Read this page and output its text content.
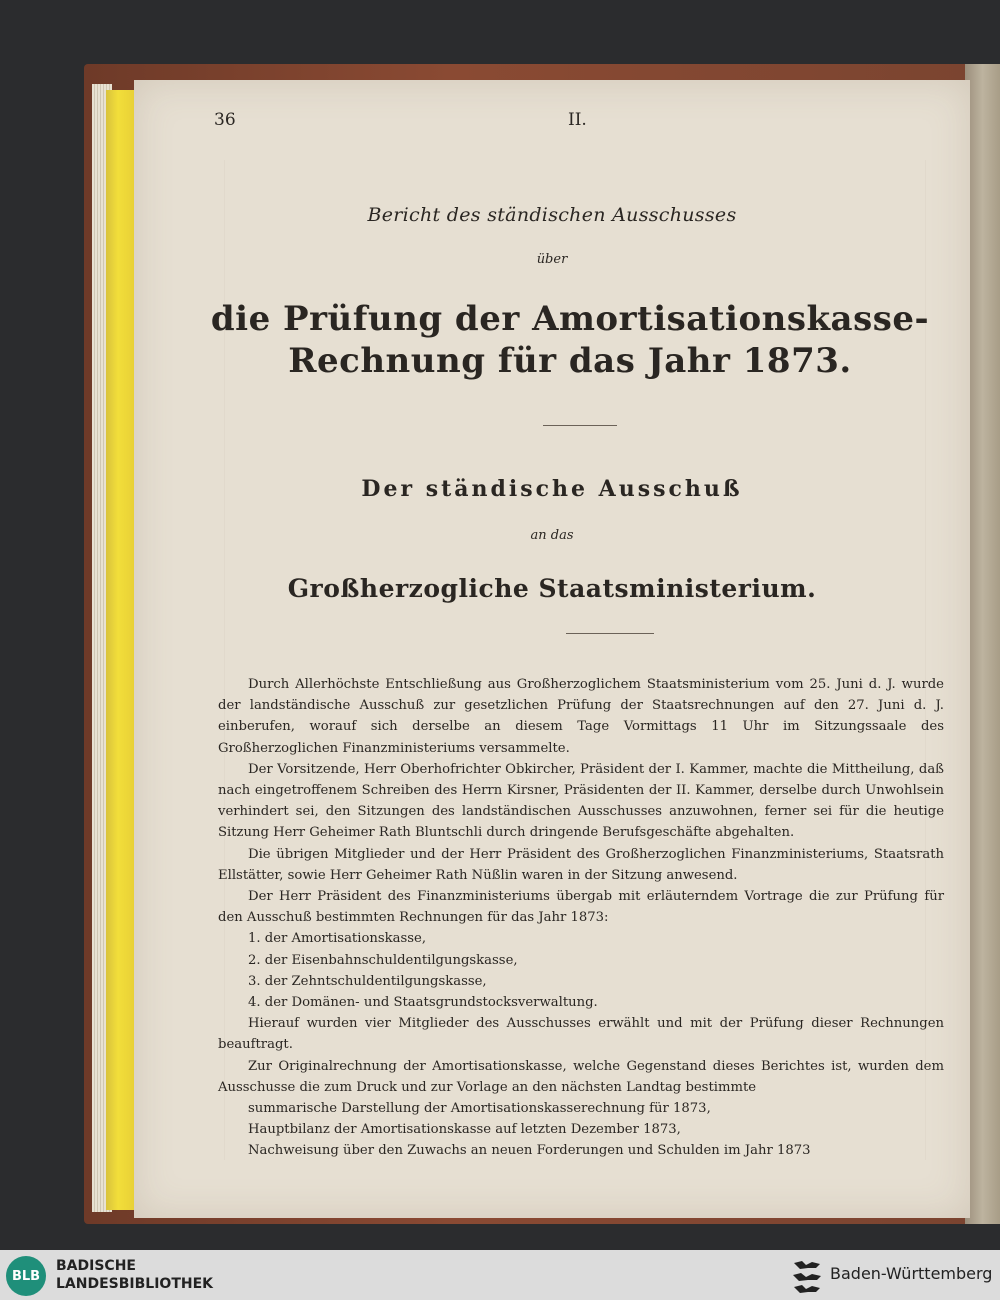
36	II.
Bericht des ständischen Ausschusses
über
die Prüfung der Amortisationskasse-Rechnung für das Jahr 1873.
Der ständische Ausschuß
an das
Großherzogliche Staatsministerium.

Durch Allerhöchste Entschließung aus Großherzoglichem Staatsministerium vom 25. Juni d. J. wurde der landständische Ausschuß zur gesetzlichen Prüfung der Staatsrechnungen auf den 27. Juni d. J. einberufen, worauf sich derselbe an diesem Tage Vormittags 11 Uhr im Sitzungssaale des Großherzoglichen Finanzministeriums versammelte.

Der Vorsitzende, Herr Oberhofrichter Obkircher, Präsident der I. Kammer, machte die Mittheilung, daß nach eingetroffenem Schreiben des Herrn Kirsner, Präsidenten der II. Kammer, derselbe durch Unwohlsein verhindert sei, den Sitzungen des landständischen Ausschusses anzuwohnen, ferner sei für die heutige Sitzung Herr Geheimer Rath Bluntschli durch dringende Berufsgeschäfte abgehalten.

Die übrigen Mitglieder und der Herr Präsident des Großherzoglichen Finanzministeriums, Staatsrath Ellstätter, sowie Herr Geheimer Rath Nüßlin waren in der Sitzung anwesend.

Der Herr Präsident des Finanzministeriums übergab mit erläuterndem Vortrage die zur Prüfung für den Ausschuß bestimmten Rechnungen für das Jahr 1873:

1. der Amortisationskasse,

2. der Eisenbahnschuldentilgungskasse,

3. der Zehntschuldentilgungskasse,

4. der Domänen- und Staatsgrundstocksverwaltung.

Hierauf wurden vier Mitglieder des Ausschusses erwählt und mit der Prüfung dieser Rechnungen beauftragt.

Zur Originalrechnung der Amortisationskasse, welche Gegenstand dieses Berichtes ist, wurden dem Ausschusse die zum Druck und zur Vorlage an den nächsten Landtag bestimmte

summarische Darstellung der Amortisationskasserechnung für 1873,

Hauptbilanz der Amortisationskasse auf letzten Dezember 1873,

Nachweisung über den Zuwachs an neuen Forderungen und Schulden im Jahr 1873

BLB
BADISCHE
LANDESBIBLIOTHEK
Baden-Württemberg
